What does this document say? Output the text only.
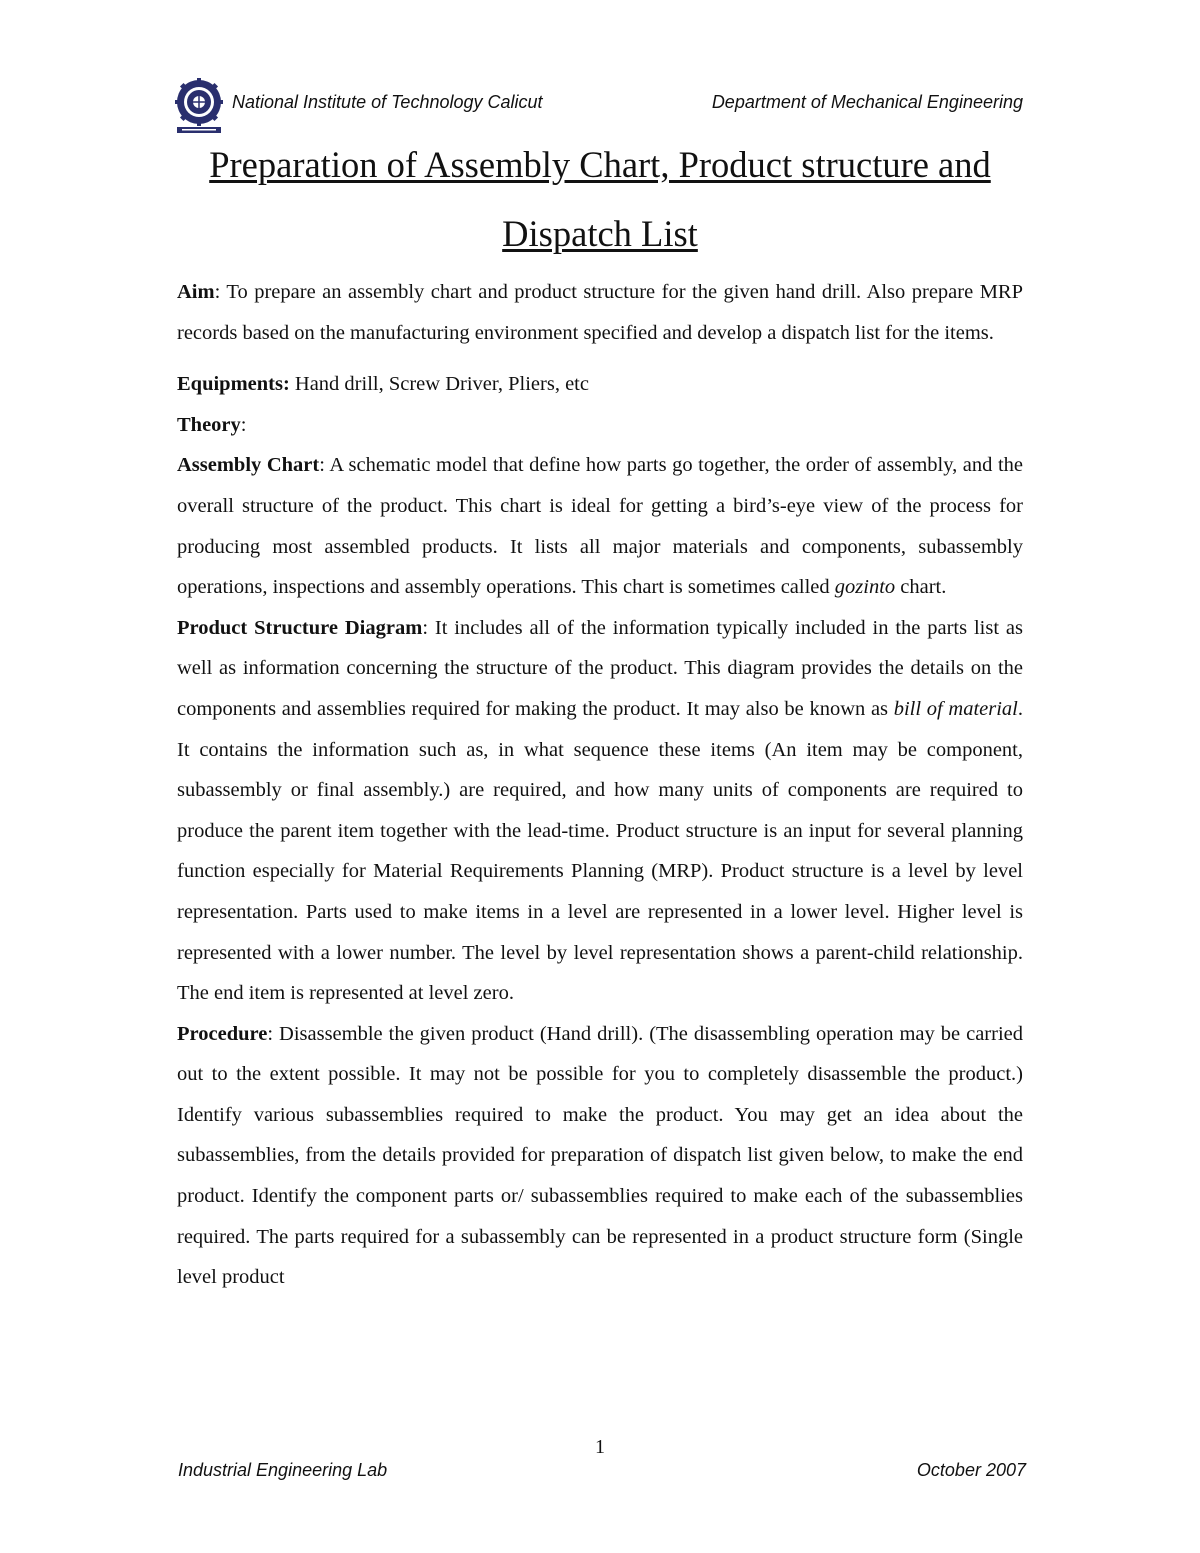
National Institute of Technology Calicut	Department of Mechanical Engineering
Preparation of Assembly Chart, Product structure and
Dispatch List

Aim: To prepare an assembly chart and product structure for the given hand drill. Also prepare MRP records based on the manufacturing environment specified and develop a dispatch list for the items.

Equipments: Hand drill, Screw Driver, Pliers, etc

Theory:

Assembly Chart: A schematic model that define how parts go together, the order of assembly, and the overall structure of the product. This chart is ideal for getting a bird’s-eye view of the process for producing most assembled products. It lists all major materials and components, subassembly operations, inspections and assembly operations. This chart is sometimes called gozinto chart.

Product Structure Diagram: It includes all of the information typically included in the parts list as well as information concerning the structure of the product. This diagram provides the details on the components and assemblies required for making the product. It may also be known as bill of material. It contains the information such as, in what sequence these items (An item may be component, subassembly or final assembly.) are required, and how many units of components are required to produce the parent item together with the lead-time. Product structure is an input for several planning function especially for Material Requirements Planning (MRP). Product structure is a level by level representation. Parts used to make items in a level are represented in a lower level. Higher level is represented with a lower number. The level by level representation shows a parent-child relationship. The end item is represented at level zero.

Procedure: Disassemble the given product (Hand drill). (The disassembling operation may be carried out to the extent possible. It may not be possible for you to completely disassemble the product.) Identify various subassemblies required to make the product. You may get an idea about the subassemblies, from the details provided for preparation of dispatch list given below, to make the end product. Identify the component parts or/ subassemblies required to make each of the subassemblies required. The parts required for a subassembly can be represented in a product structure form (Single level product

1
Industrial Engineering Lab	October 2007
